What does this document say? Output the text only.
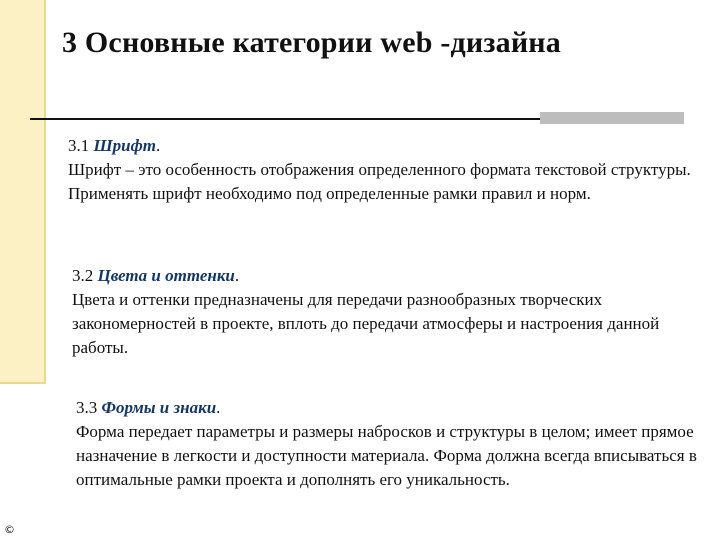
3 Основные категории web -дизайна

3.1 Шрифт.

Шрифт – это особенность отображения определенного формата текстовой структуры. Применять шрифт необходимо под определенные рамки правил и норм.

3.2 Цвета и оттенки.

Цвета и оттенки предназначены для передачи разнообразных творческих закономерностей в проекте, вплоть до передачи атмосферы и настроения данной работы.

3.3 Формы и знаки.

Форма передает параметры и размеры набросков и структуры в целом; имеет прямое назначение в легкости и доступности материала. Форма должна всегда вписываться в оптимальные рамки проекта и дополнять его уникальность.

©
